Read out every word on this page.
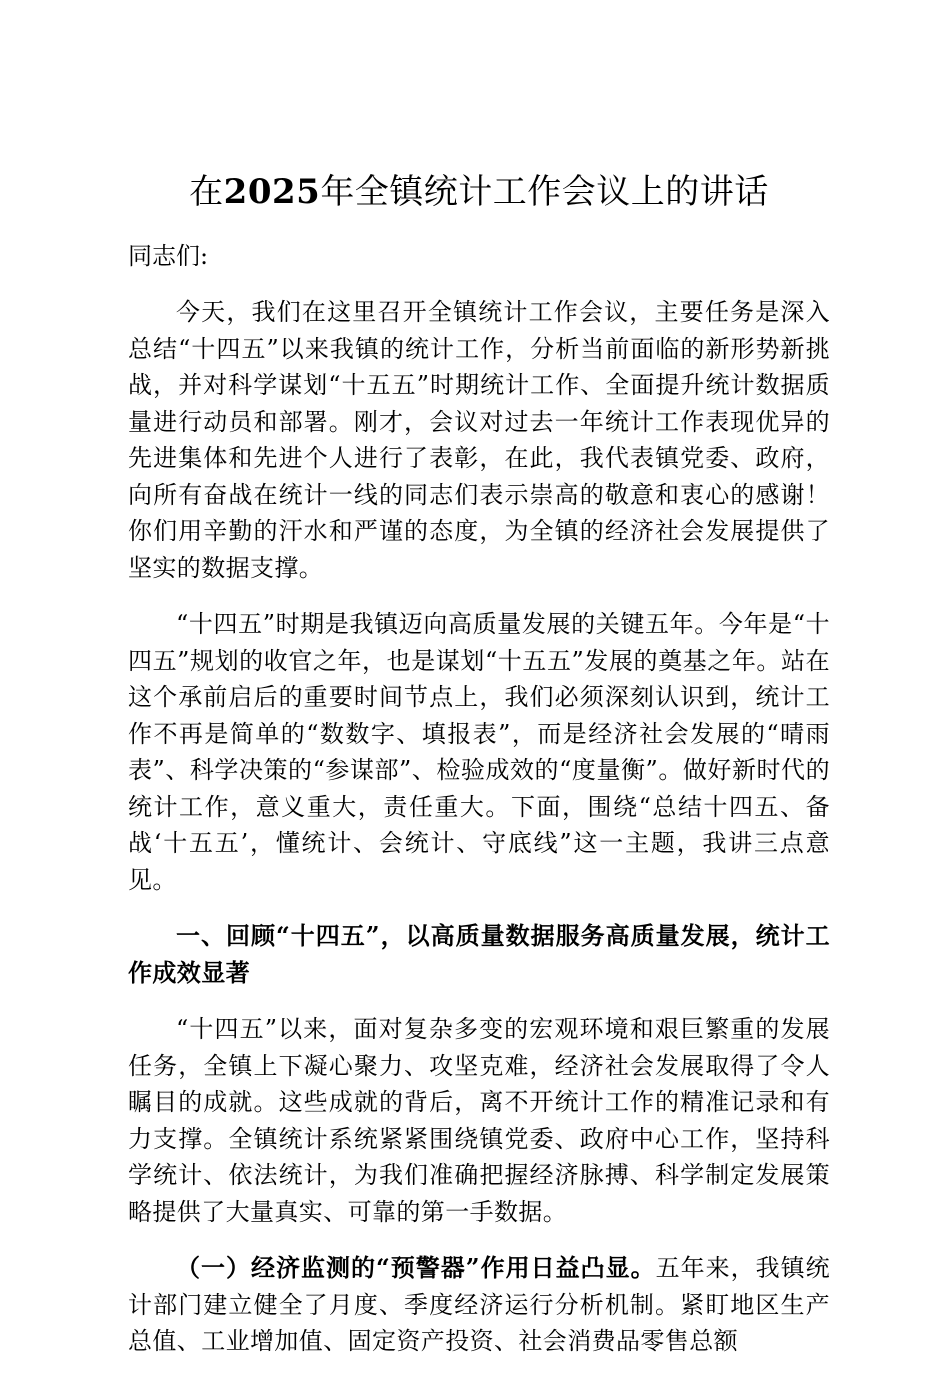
在2025年全镇统计工作会议上的讲话

同志们:

今天，我们在这里召开全镇统计工作会议，主要任务是深入总结“十四五”以来我镇的统计工作，分析当前面临的新形势新挑战，并对科学谋划“十五五”时期统计工作、全面提升统计数据质量进行动员和部署。刚才，会议对过去一年统计工作表现优异的先进集体和先进个人进行了表彰，在此，我代表镇党委、政府，向所有奋战在统计一线的同志们表示崇高的敬意和衷心的感谢！你们用辛勤的汗水和严谨的态度，为全镇的经济社会发展提供了坚实的数据支撑。

“十四五”时期是我镇迈向高质量发展的关键五年。今年是“十四五”规划的收官之年，也是谋划“十五五”发展的奠基之年。站在这个承前启后的重要时间节点上，我们必须深刻认识到，统计工作不再是简单的“数数字、填报表”，而是经济社会发展的“晴雨表”、科学决策的“参谋部”、检验成效的“度量衡”。做好新时代的统计工作，意义重大，责任重大。下面，围绕“总结十四五、备战‘十五五’，懂统计、会统计、守底线”这一主题，我讲三点意见。

一、回顾“十四五”，以高质量数据服务高质量发展，统计工作成效显著

“十四五”以来，面对复杂多变的宏观环境和艰巨繁重的发展任务，全镇上下凝心聚力、攻坚克难，经济社会发展取得了令人瞩目的成就。这些成就的背后，离不开统计工作的精准记录和有力支撑。全镇统计系统紧紧围绕镇党委、政府中心工作，坚持科学统计、依法统计，为我们准确把握经济脉搏、科学制定发展策略提供了大量真实、可靠的第一手数据。

（一）经济监测的“预警器”作用日益凸显。五年来，我镇统计部门建立健全了月度、季度经济运行分析机制。紧盯地区生产总值、工业增加值、固定资产投资、社会消费品零售总额
